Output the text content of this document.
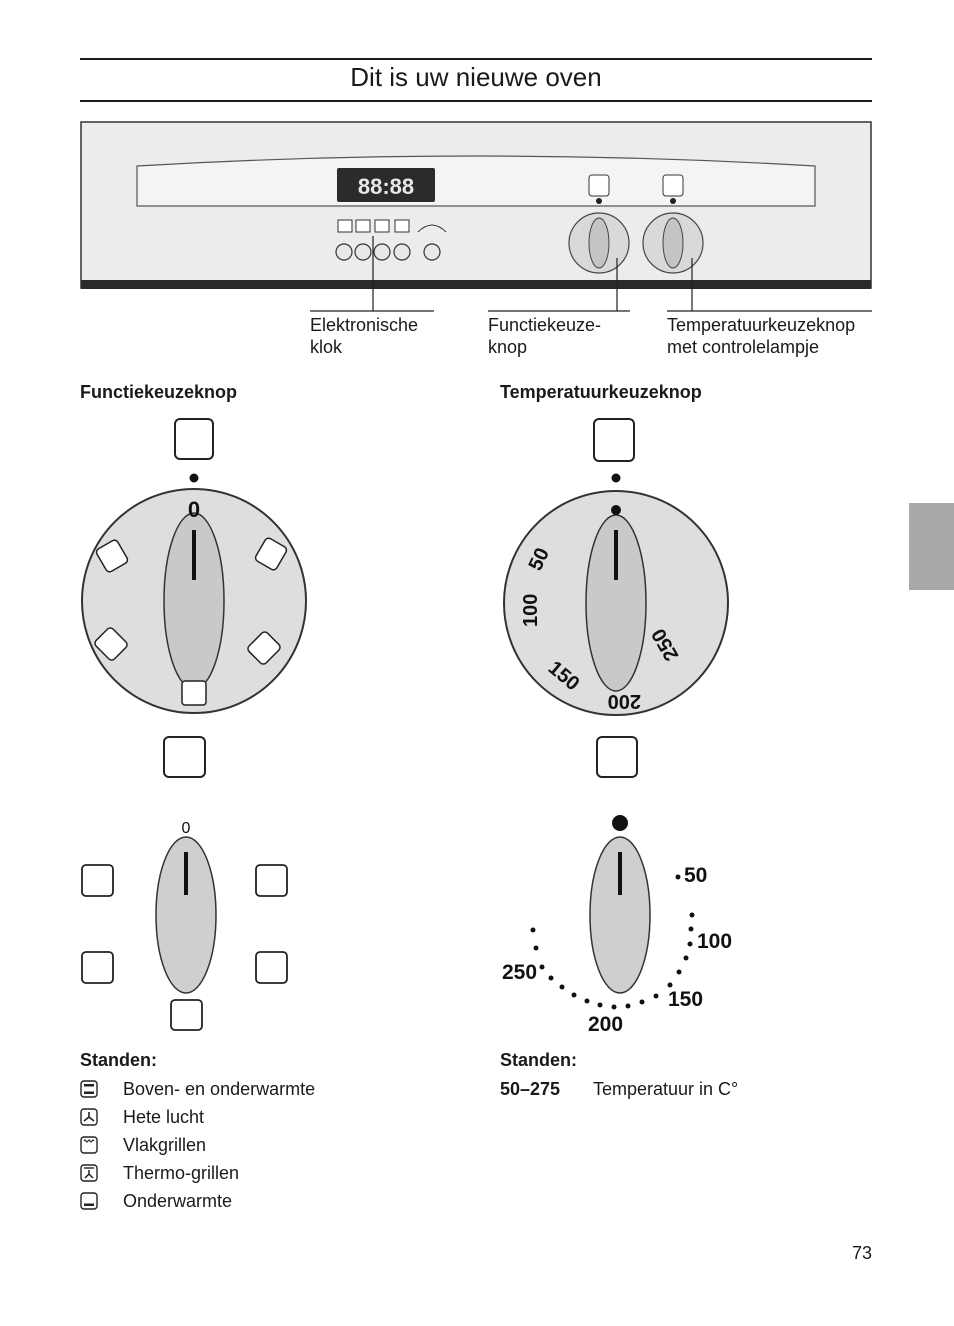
Dit is uw nieuwe oven
88:88
Elektronische
klok
Functiekeuze-
knop
Temperatuurkeuzeknop
met controlelampje
Functiekeuzeknop	Temperatuurkeuzeknop
0
0
50
100
150
200
250
50
100
150
200
250
Standen:
Boven- en onderwarmte
Hete lucht
Vlakgrillen
Thermo-grillen
Onderwarmte
Standen:
50–275 Temperatuur in C°
73
